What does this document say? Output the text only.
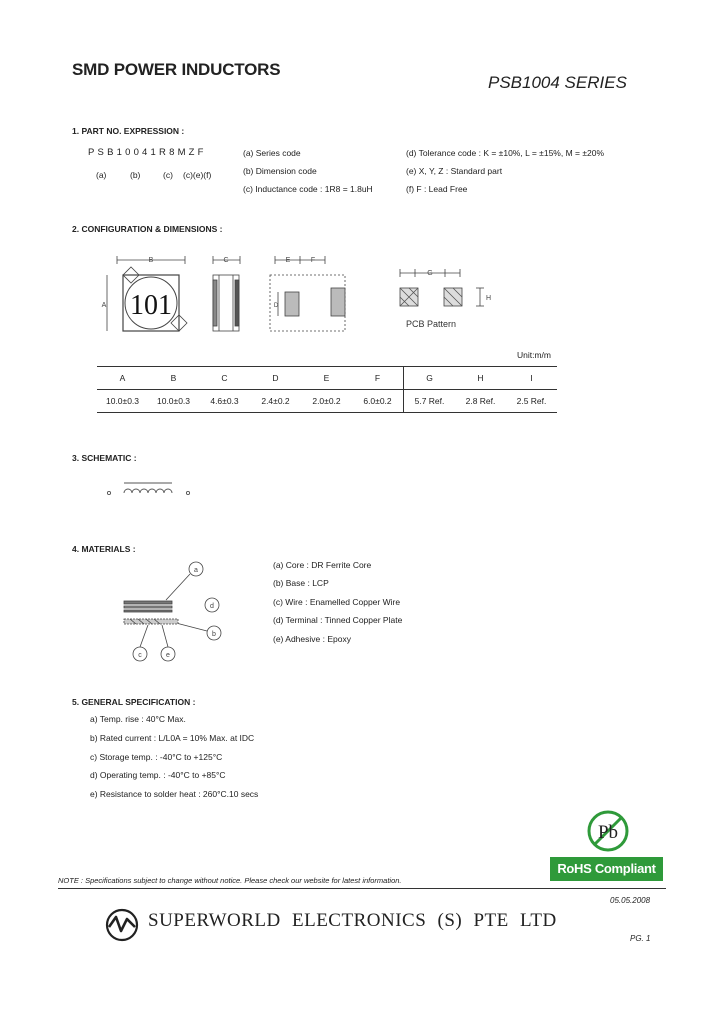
SMD POWER INDUCTORS
PSB1004 SERIES
1. PART NO. EXPRESSION :
PSB10041R8MZF
(a)	(b)	(c) (c)(e)(f)
(a) Series code
(b) Dimension code
(c) Inductance code : 1R8 = 1.8uH
(d) Tolerance code : K = ±10%, L = ±15%, M = ±20%
(e) X, Y, Z : Standard part
(f) F : Lead Free
2. CONFIGURATION & DIMENSIONS :
B
A 101
C	E	F
D
G
H
PCB Pattern
Unit:m/m
A	B	C	D	E	F	G	H	I
10.0±0.3	10.0±0.3	4.6±0.3	2.4±0.2	2.0±0.2	6.0±0.2	5.7 Ref.	2.8 Ref.	2.5 Ref.
3. SCHEMATIC :
4. MATERIALS :
a
d
b
c	e
(a) Core : DR Ferrite Core
(b) Base : LCP
(c) Wire : Enamelled Copper Wire
(d) Terminal : Tinned Copper Plate
(e) Adhesive : Epoxy
5. GENERAL SPECIFICATION :
a) Temp. rise : 40°C Max.
b) Rated current : L/L0A = 10% Max. at IDC
c) Storage temp. : -40°C to +125°C
d) Operating temp. : -40°C to +85°C
e) Resistance to solder heat : 260°C.10 secs
Pb
RoHS Compliant
NOTE : Specifications subject to change without notice. Please check our website for latest information.
05.05.2008
SUPERWORLD ELECTRONICS (S) PTE LTD
PG. 1
